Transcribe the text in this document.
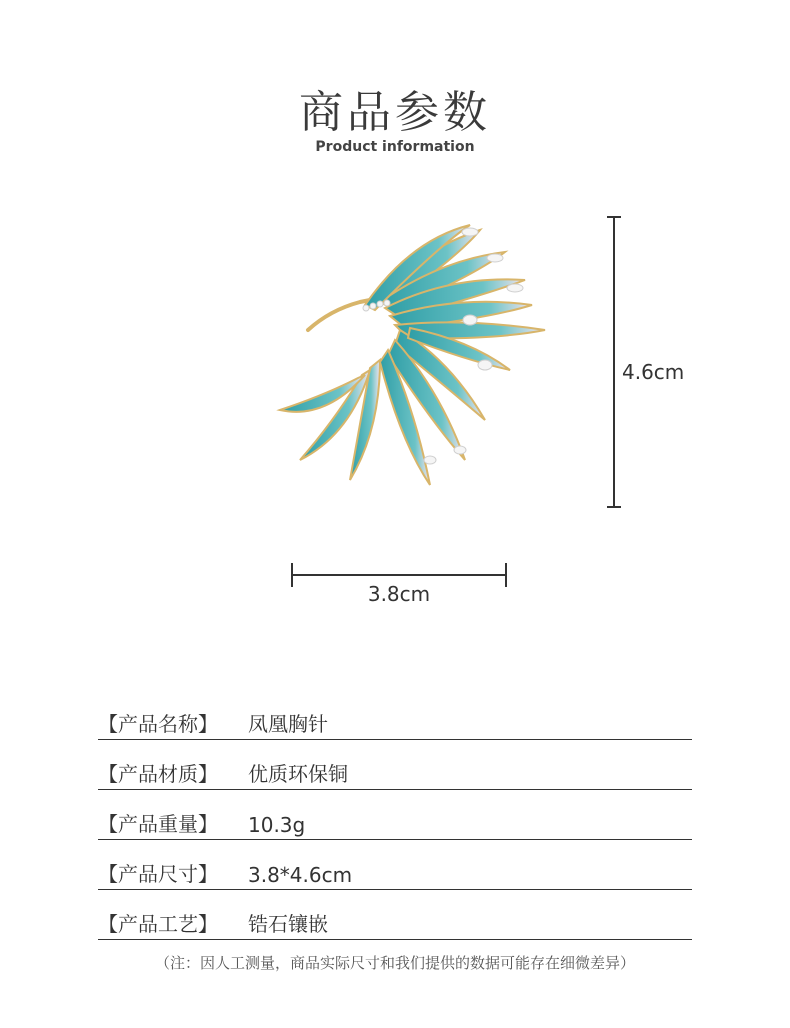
商品参数
Product information
4.6cm
3.8cm
【产品名称】 凤凰胸针
【产品材质】 优质环保铜
【产品重量】 10.3g
【产品尺寸】 3.8*4.6cm
【产品工艺】 锆石镶嵌
（注：因人工测量，商品实际尺寸和我们提供的数据可能存在细微差异）
